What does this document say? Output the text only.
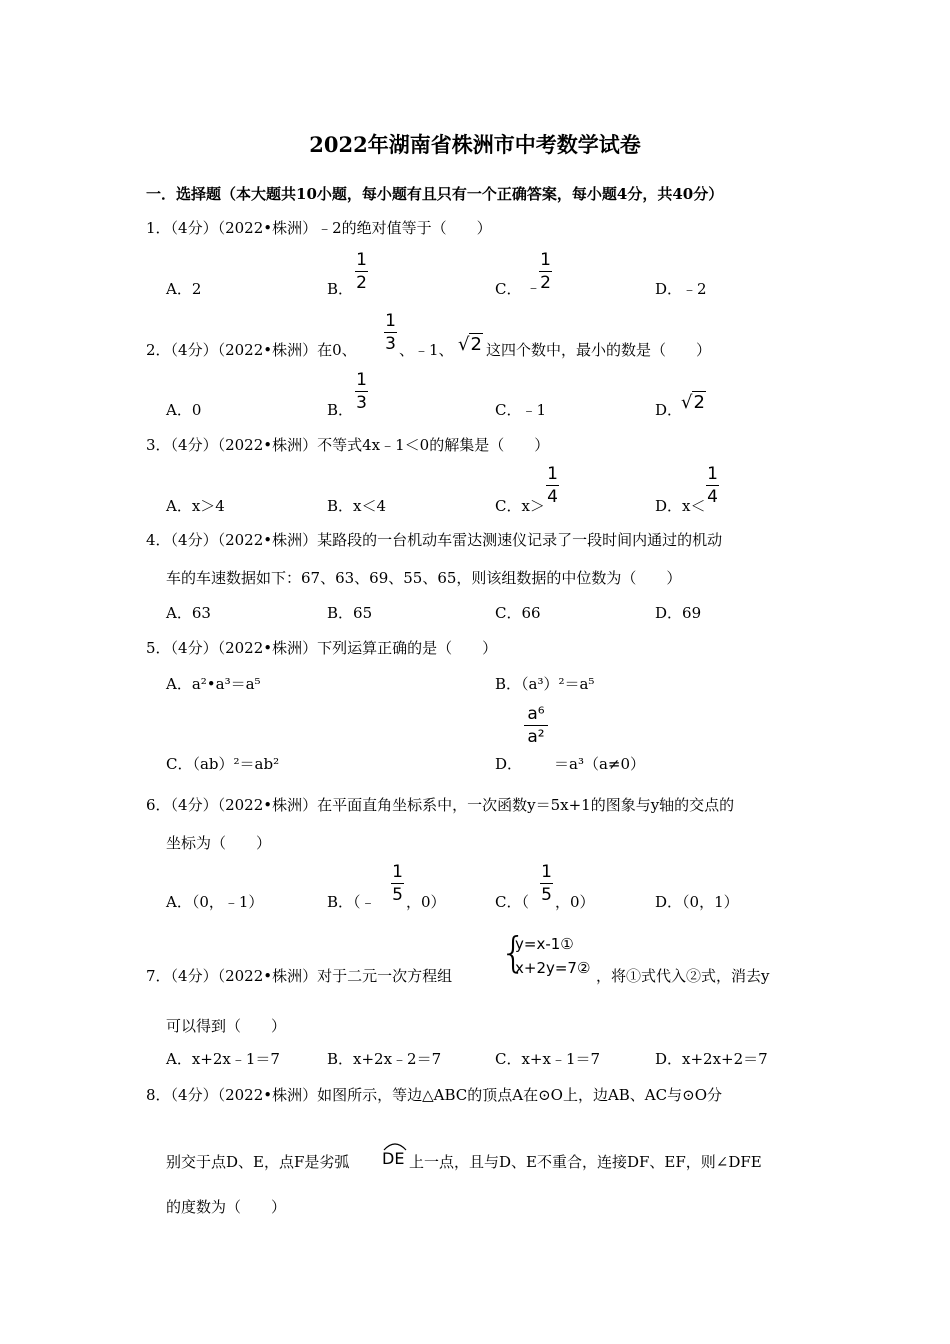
2022年湖南省株洲市中考数学试卷
一．选择题（本大题共10小题，每小题有且只有一个正确答案，每小题4分，共40分）
1．（4分）（2022•株洲）﹣2的绝对值等于（　　）
A．2	B．
1
2	C． ﹣
1
2	D．﹣2
2．（4分）（2022•株洲）在0、
1
3 、﹣1、 √2 这四个数中，最小的数是（　　）
A．0	B．
1
3	C．﹣1	D．
√2
3．（4分）（2022•株洲）不等式4x﹣1＜0的解集是（　　）
A．x＞4	B．x＜4	C．x＞
1
4	D．x＜
1
4
4．（4分）（2022•株洲）某路段的一台机动车雷达测速仪记录了一段时间内通过的机动
车的车速数据如下：67、63、69、55、65，则该组数据的中位数为（　　）
A．63	B．65	C．66	D．69
5．（4分）（2022•株洲）下列运算正确的是（　　）
A．a²•a³＝a⁵	B．（a³）²＝a⁵
C．（ab）²＝ab²	D．
a⁶
a²
＝a³（a≠0）
6．（4分）（2022•株洲）在平面直角坐标系中，一次函数y＝5x+1的图象与y轴的交点的
坐标为（　　）
A．（0，﹣1）	B．（﹣
1
5 ，0）	C．（
1
5 ，0）	D．（0，1）
7．（4分）（2022•株洲）对于二元一次方程组 {
y=x-1①
x+2y=7② ，将①式代入②式，消去y
可以得到（　　）
A．x+2x﹣1＝7	B．x+2x﹣2＝7	C．x+x﹣1＝7	D．x+2x+2＝7
8．（4分）（2022•株洲）如图所示，等边△ABC的顶点A在⊙O上，边AB、AC与⊙O分
别交于点D、E，点F是劣弧 DE 上一点，且与D、E不重合，连接DF、EF，则∠DFE
的度数为（　　）
